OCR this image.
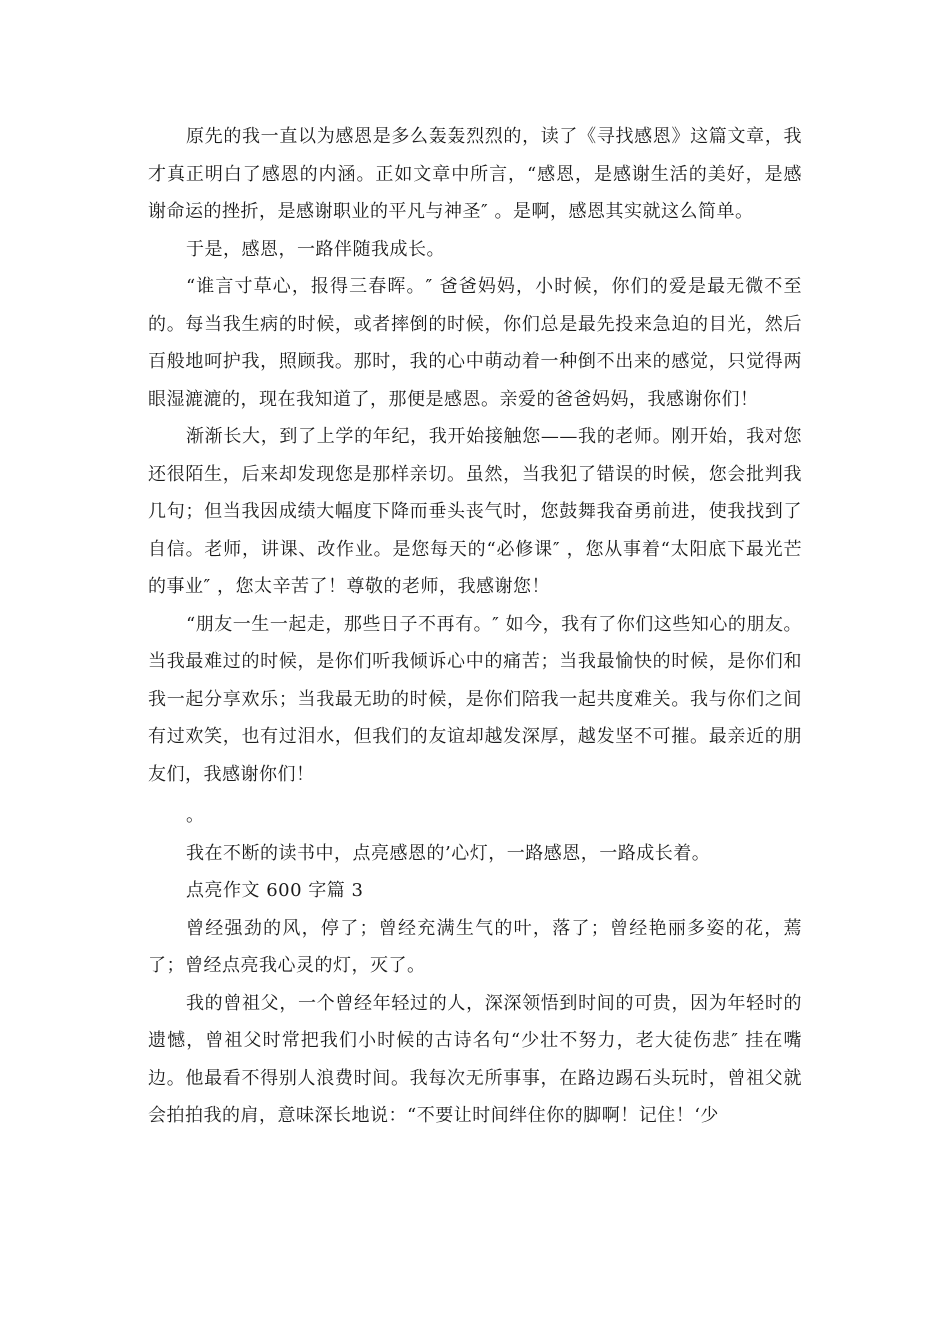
原先的我一直以为感恩是多么轰轰烈烈的，读了《寻找感恩》这篇文章，我才真正明白了感恩的内涵。正如文章中所言，“感恩，是感谢生活的美好，是感谢命运的挫折，是感谢职业的平凡与神圣″ 。是啊，感恩其实就这么简单。

于是，感恩，一路伴随我成长。

“谁言寸草心，报得三春晖。″ 爸爸妈妈，小时候，你们的爱是最无微不至的。每当我生病的时候，或者摔倒的时候，你们总是最先投来急迫的目光，然后百般地呵护我，照顾我。那时，我的心中萌动着一种倒不出来的感觉，只觉得两眼湿漉漉的，现在我知道了，那便是感恩。亲爱的爸爸妈妈，我感谢你们！

渐渐长大，到了上学的年纪，我开始接触您——我的老师。刚开始，我对您还很陌生，后来却发现您是那样亲切。虽然，当我犯了错误的时候，您会批判我几句；但当我因成绩大幅度下降而垂头丧气时，您鼓舞我奋勇前进，使我找到了自信。老师，讲课、改作业。是您每天的“必修课″ ，您从事着“太阳底下最光芒的事业″ ，您太辛苦了！尊敬的老师，我感谢您！

“朋友一生一起走，那些日子不再有。″ 如今，我有了你们这些知心的朋友。当我最难过的时候，是你们听我倾诉心中的痛苦；当我最愉快的时候，是你们和我一起分享欢乐；当我最无助的时候，是你们陪我一起共度难关。我与你们之间有过欢笑，也有过泪水，但我们的友谊却越发深厚，越发坚不可摧。最亲近的朋友们，我感谢你们！

。

我在不断的读书中，点亮感恩的’心灯，一路感恩，一路成长着。

点亮作文 600 字篇 3

曾经强劲的风，停了；曾经充满生气的叶，落了；曾经艳丽多姿的花，蔫了；曾经点亮我心灵的灯，灭了。

我的曾祖父，一个曾经年轻过的人，深深领悟到时间的可贵，因为年轻时的遗憾，曾祖父时常把我们小时候的古诗名句“少壮不努力，老大徒伤悲″ 挂在嘴边。他最看不得别人浪费时间。我每次无所事事，在路边踢石头玩时，曾祖父就会拍拍我的肩，意味深长地说：“不要让时间绊住你的脚啊！记住！‘少
